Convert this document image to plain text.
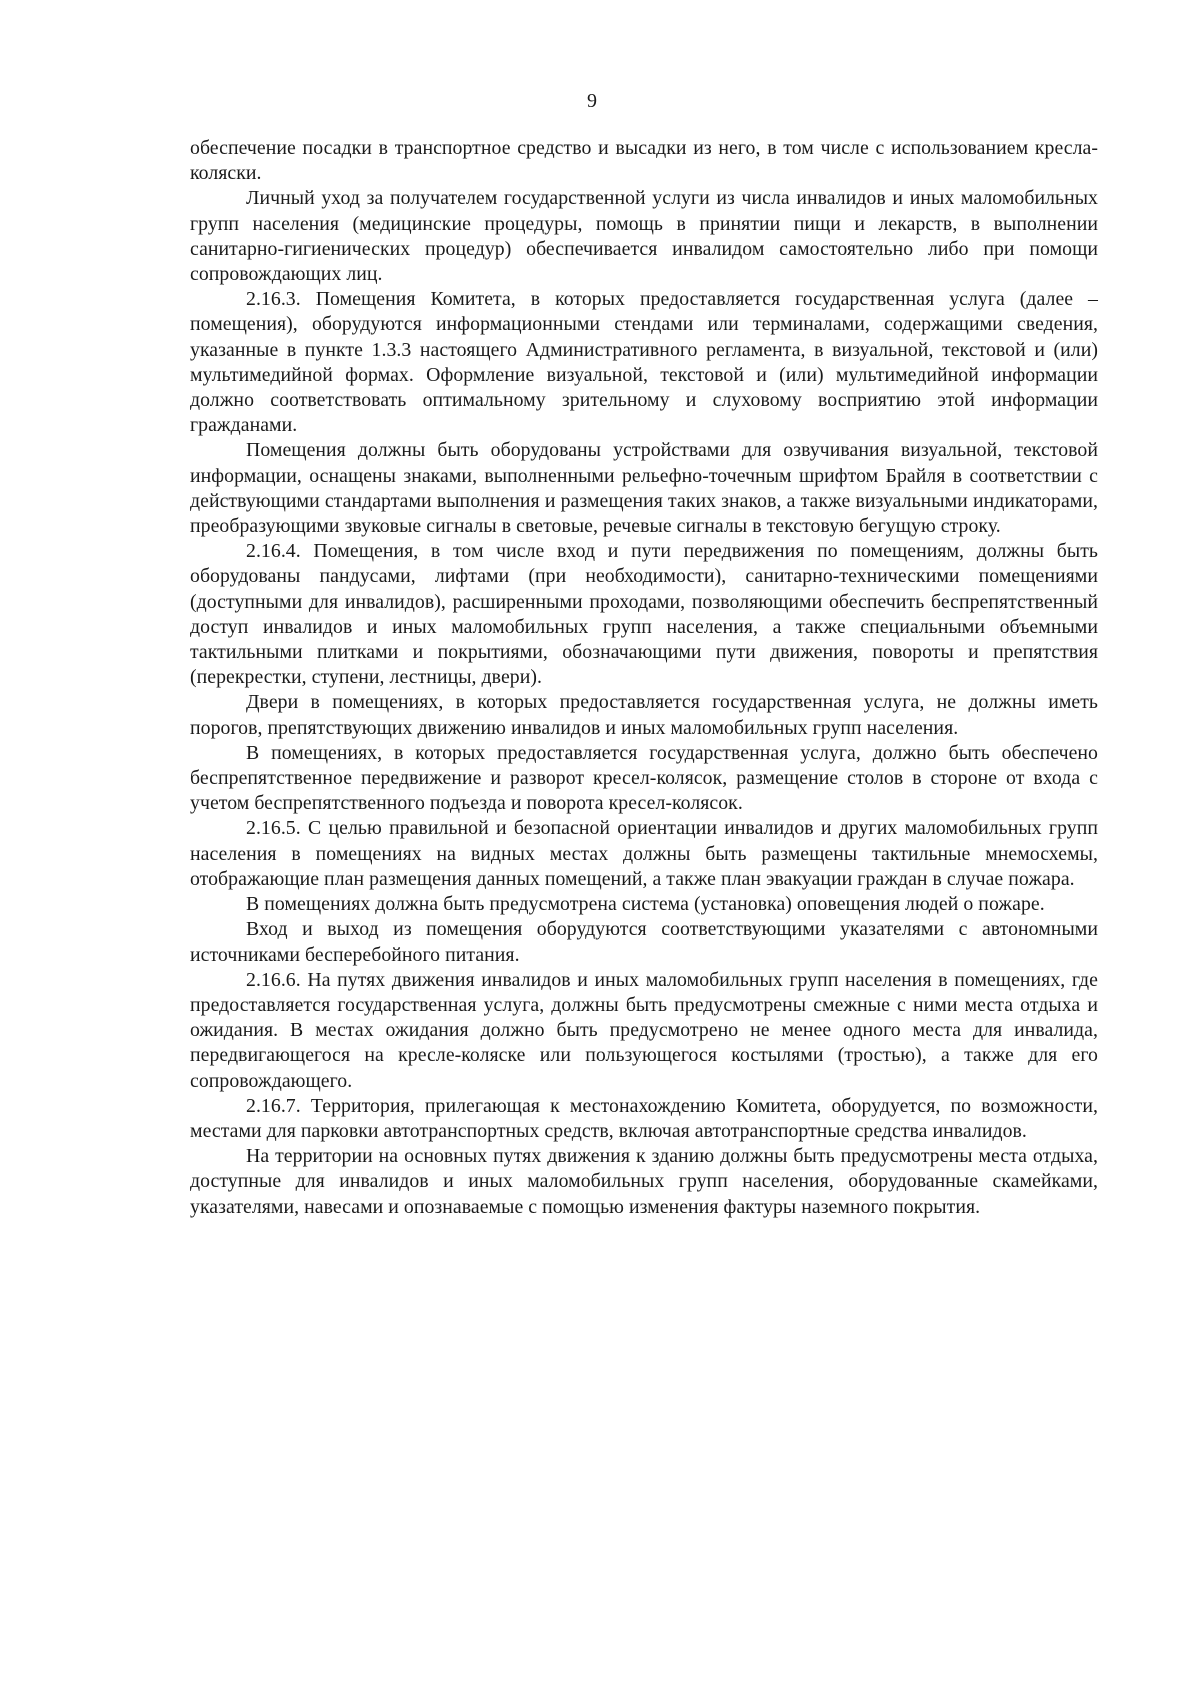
9

обеспечение посадки в транспортное средство и высадки из него, в том числе с использованием кресла-коляски.

Личный уход за получателем государственной услуги из числа инвалидов и иных маломобильных групп населения (медицинские процедуры, помощь в принятии пищи и лекарств, в выполнении санитарно-гигиенических процедур) обеспечивается инвалидом самостоятельно либо при помощи сопровождающих лиц.

2.16.3. Помещения Комитета, в которых предоставляется государственная услуга (далее – помещения), оборудуются информационными стендами или терминалами, содержащими сведения, указанные в пункте 1.3.3 настоящего Административного регламента, в визуальной, текстовой и (или) мультимедийной формах. Оформление визуальной, текстовой и (или) мультимедийной информации должно соответствовать оптимальному зрительному и слуховому восприятию этой информации гражданами.

Помещения должны быть оборудованы устройствами для озвучивания визуальной, текстовой информации, оснащены знаками, выполненными рельефно-точечным шрифтом Брайля в соответствии с действующими стандартами выполнения и размещения таких знаков, а также визуальными индикаторами, преобразующими звуковые сигналы в световые, речевые сигналы в текстовую бегущую строку.

2.16.4. Помещения, в том числе вход и пути передвижения по помещениям, должны быть оборудованы пандусами, лифтами (при необходимости), санитарно-техническими помещениями (доступными для инвалидов), расширенными проходами, позволяющими обеспечить беспрепятственный доступ инвалидов и иных маломобильных групп населения, а также специальными объемными тактильными плитками и покрытиями, обозначающими пути движения, повороты и препятствия (перекрестки, ступени, лестницы, двери).

Двери в помещениях, в которых предоставляется государственная услуга, не должны иметь порогов, препятствующих движению инвалидов и иных маломобильных групп населения.

В помещениях, в которых предоставляется государственная услуга, должно быть обеспечено беспрепятственное передвижение и разворот кресел-колясок, размещение столов в стороне от входа с учетом беспрепятственного подъезда и поворота кресел-колясок.

2.16.5. С целью правильной и безопасной ориентации инвалидов и других маломобильных групп населения в помещениях на видных местах должны быть размещены тактильные мнемосхемы, отображающие план размещения данных помещений, а также план эвакуации граждан в случае пожара.

В помещениях должна быть предусмотрена система (установка) оповещения людей о пожаре.

Вход и выход из помещения оборудуются соответствующими указателями с автономными источниками бесперебойного питания.

2.16.6. На путях движения инвалидов и иных маломобильных групп населения в помещениях, где предоставляется государственная услуга, должны быть предусмотрены смежные с ними места отдыха и ожидания. В местах ожидания должно быть предусмотрено не менее одного места для инвалида, передвигающегося на кресле-коляске или пользующегося костылями (тростью), а также для его сопровождающего.

2.16.7. Территория, прилегающая к местонахождению Комитета, оборудуется, по возможности, местами для парковки автотранспортных средств, включая автотранспортные средства инвалидов.

На территории на основных путях движения к зданию должны быть предусмотрены места отдыха, доступные для инвалидов и иных маломобильных групп населения, оборудованные скамейками, указателями, навесами и опознаваемые с помощью изменения фактуры наземного покрытия.
